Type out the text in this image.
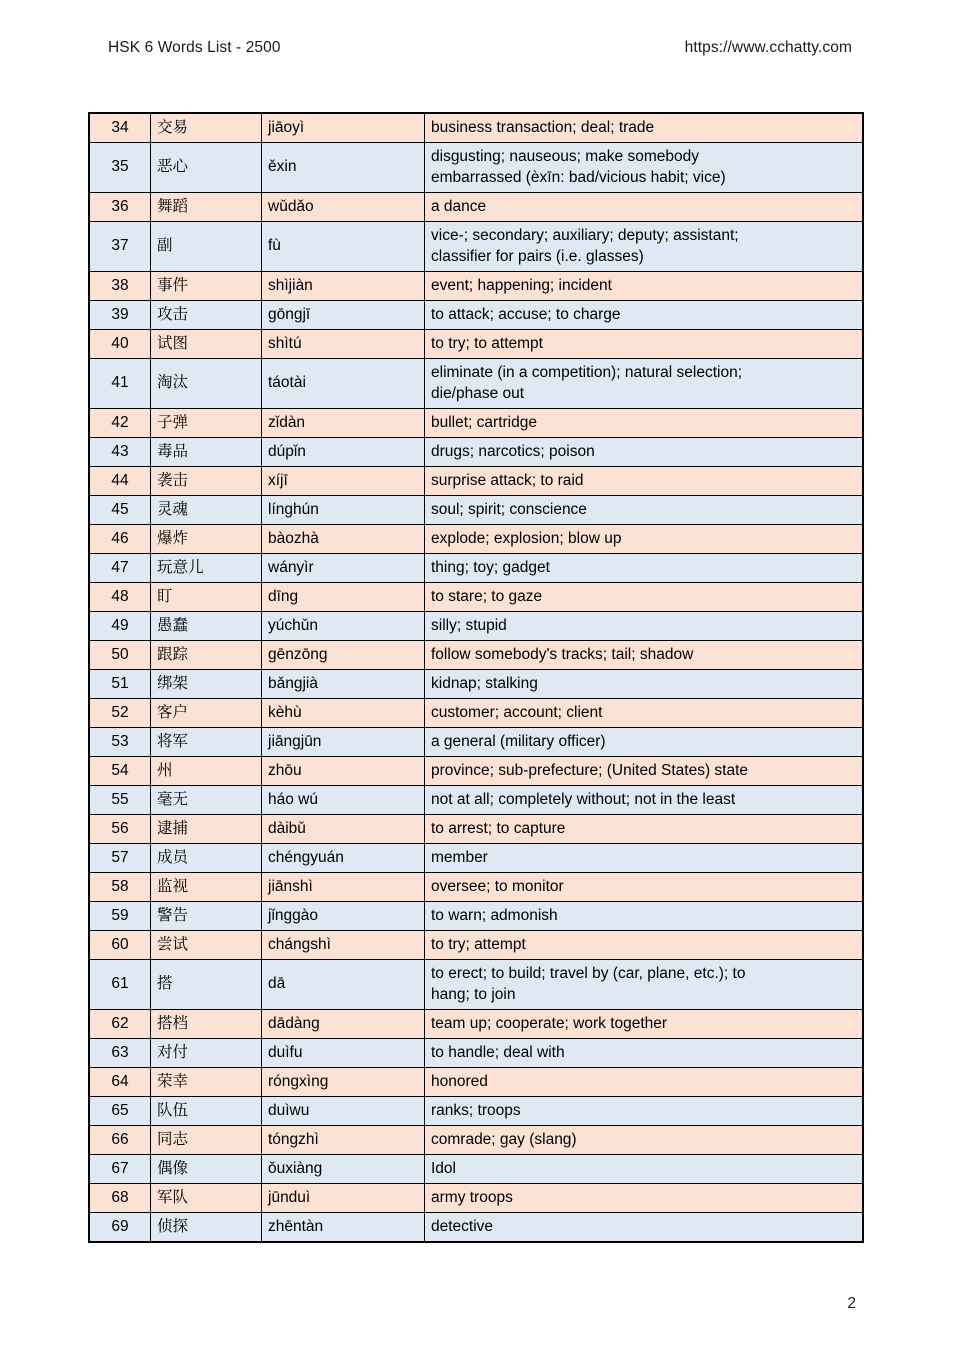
HSK 6 Words List - 2500	https://www.cchatty.com
34	交易	jiāoyì	business transaction; deal; trade

35	恶心	ěxin	disgusting; nauseous; make somebody
embarrassed (èxīn: bad/vicious habit; vice)

36	舞蹈	wǔdǎo	a dance

37	副	fù	vice-; secondary; auxiliary; deputy; assistant;
classifier for pairs (i.e. glasses)

38	事件	shìjiàn	event; happening; incident

39	攻击	gōngjī	to attack; accuse; to charge

40	试图	shìtú	to try; to attempt

41	淘汰	táotài	eliminate (in a competition); natural selection;
die/phase out

42	子弹	zǐdàn	bullet; cartridge

43	毒品	dúpǐn	drugs; narcotics; poison

44	袭击	xíjī	surprise attack; to raid

45	灵魂	línghún	soul; spirit; conscience

46	爆炸	bàozhà	explode; explosion; blow up

47	玩意儿	wányìr	thing; toy; gadget

48	盯	dīng	to stare; to gaze

49	愚蠢	yúchǔn	silly; stupid

50	跟踪	gēnzōng	follow somebody's tracks; tail; shadow

51	绑架	bǎngjià	kidnap; stalking

52	客户	kèhù	customer; account; client

53	将军	jiāngjūn	a general (military officer)

54	州	zhōu	province; sub-prefecture; (United States) state

55	毫无	háo wú	not at all; completely without; not in the least

56	逮捕	dàibǔ	to arrest; to capture

57	成员	chéngyuán	member

58	监视	jiānshì	oversee; to monitor

59	警告	jǐnggào	to warn; admonish

60	尝试	chángshì	to try; attempt

61	搭	dā	to erect; to build; travel by (car, plane, etc.); to
hang; to join

62	搭档	dādàng	team up; cooperate; work together

63	对付	duìfu	to handle; deal with

64	荣幸	róngxìng	honored

65	队伍	duìwu	ranks; troops

66	同志	tóngzhì	comrade; gay (slang)

67	偶像	ǒuxiàng	Idol

68	军队	jūnduì	army troops

69	侦探	zhēntàn	detective
2
